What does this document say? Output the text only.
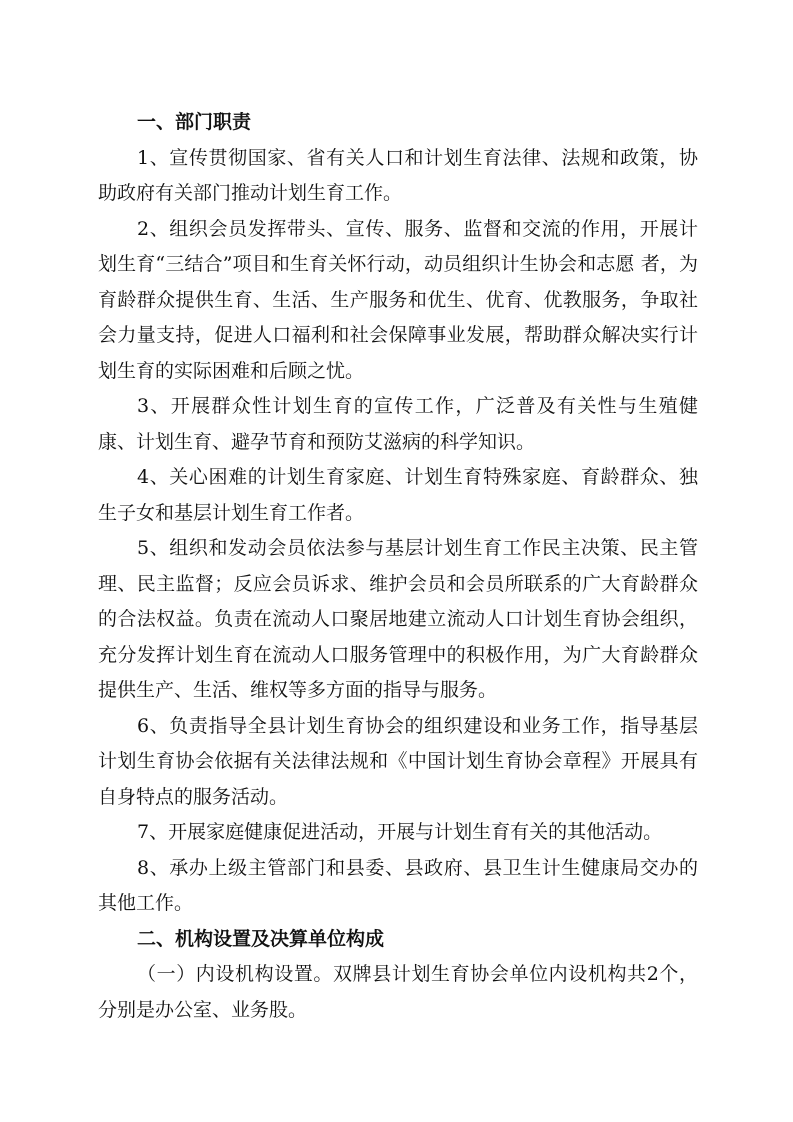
一、部门职责

1、宣传贯彻国家、省有关人口和计划生育法律、法规和政策，协助政府有关部门推动计划生育工作。

2、组织会员发挥带头、宣传、服务、监督和交流的作用，开展计划生育“三结合”项目和生育关怀行动，动员组织计生协会和志愿 者，为育龄群众提供生育、生活、生产服务和优生、优育、优教服务，争取社会力量支持，促进人口福利和社会保障事业发展，帮助群众解决实行计划生育的实际困难和后顾之忧。

3、开展群众性计划生育的宣传工作，广泛普及有关性与生殖健康、计划生育、避孕节育和预防艾滋病的科学知识。

4、关心困难的计划生育家庭、计划生育特殊家庭、育龄群众、独生子女和基层计划生育工作者。

5、组织和发动会员依法参与基层计划生育工作民主决策、民主管理、民主监督；反应会员诉求、维护会员和会员所联系的广大育龄群众的合法权益。负责在流动人口聚居地建立流动人口计划生育协会组织，充分发挥计划生育在流动人口服务管理中的积极作用，为广大育龄群众提供生产、生活、维权等多方面的指导与服务。

6、负责指导全县计划生育协会的组织建设和业务工作，指导基层计划生育协会依据有关法律法规和《中国计划生育协会章程》开展具有自身特点的服务活动。

7、开展家庭健康促进活动，开展与计划生育有关的其他活动。

8、承办上级主管部门和县委、县政府、县卫生计生健康局交办的其他工作。

二、机构设置及决算单位构成

（一）内设机构设置。双牌县计划生育协会单位内设机构共2个，分别是办公室、业务股。
